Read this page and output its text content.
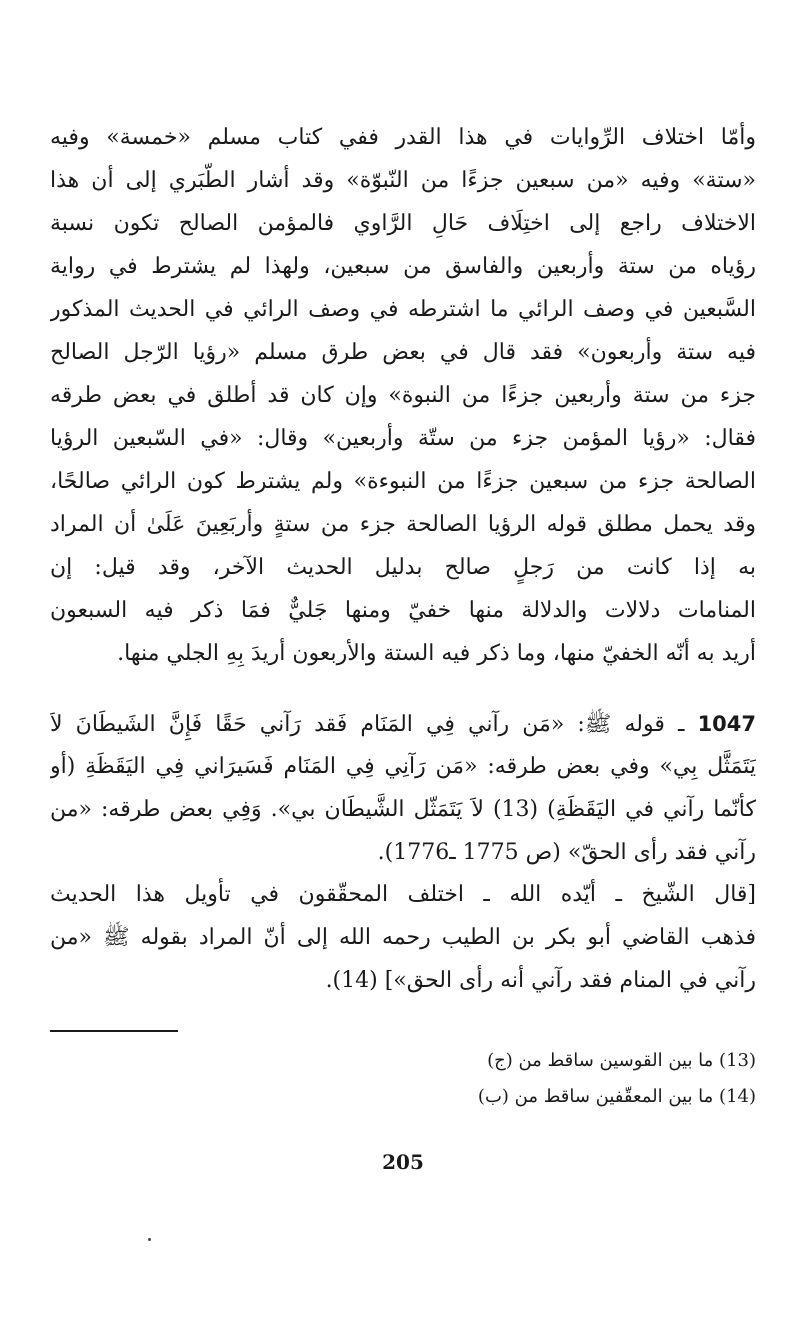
وأمّا اختلاف الرِّوايات في هذا القدر ففي كتاب مسلم «خمسة» وفيه
«ستة» وفيه «من سبعين جزءًا من النّبوّة» وقد أشار الطَّبَري إلى أن هذا
الاختلاف راجع إلى اختِلَاف حَالِ الرَّاوي فالمؤمن الصالح تكون نسبة
رؤياه من ستة وأربعين والفاسق من سبعين، ولهذا لم يشترط في رواية
السَّبعين في وصف الرائي ما اشترطه في وصف الرائي في الحديث المذكور
فيه ستة وأربعون» فقد قال في بعض طرق مسلم «رؤيا الرّجل الصالح
جزء من ستة وأربعين جزءًا من النبوة» وإن كان قد أطلق في بعض طرقه
فقال: «رؤيا المؤمن جزء من ستّة وأربعين» وقال: «في السّبعين الرؤيا
الصالحة جزء من سبعين جزءًا من النبوءة» ولم يشترط كون الرائي صالحًا،
وقد يحمل مطلق قوله الرؤيا الصالحة جزء من ستةٍ وأربَعِينَ عَلَىٰ أن المراد
به إذا كانت من رَجلٍ صالح بدليل الحديث الآخر، وقد قيل: إن
المنامات دلالات والدلالة منها خفيّ ومنها جَليٌّ فمَا ذكر فيه السبعون
أريد به أنّه الخفيّ منها، وما ذكر فيه الستة والأربعون أريدَ بِهِ الجلي منها.
1047 ـ قوله ﷺ: «مَن رآني فِي المَنَام فَقد رَآني حَقًا فَإِنَّ الشَيطَانَ لاَ
يَتَمَثَّل بِي» وفي بعض طرقه: «مَن رَآنِي فِي المَنَام فَسَيرَاني فِي اليَقَظَةِ (أو
كأنّما رآني في اليَقَظَةِ) (13) لاَ يَتَمَثّل الشَّيطَان بي». وَفِي بعض طرقه: «من
رآني فقد رأى الحقّ» (ص 1775 ـ1776).
[قال الشّيخ ـ أيّده الله ـ اختلف المحقّقون في تأويل هذا الحديث
فذهب القاضي أبو بكر بن الطيب رحمه الله إلى أنّ المراد بقوله ﷺ «من
رآني في المنام فقد رآني أنه رأى الحق»] (14).
(13) ما بين القوسين ساقط من (ج)
(14) ما بين المعقّفين ساقط من (ب)
205
